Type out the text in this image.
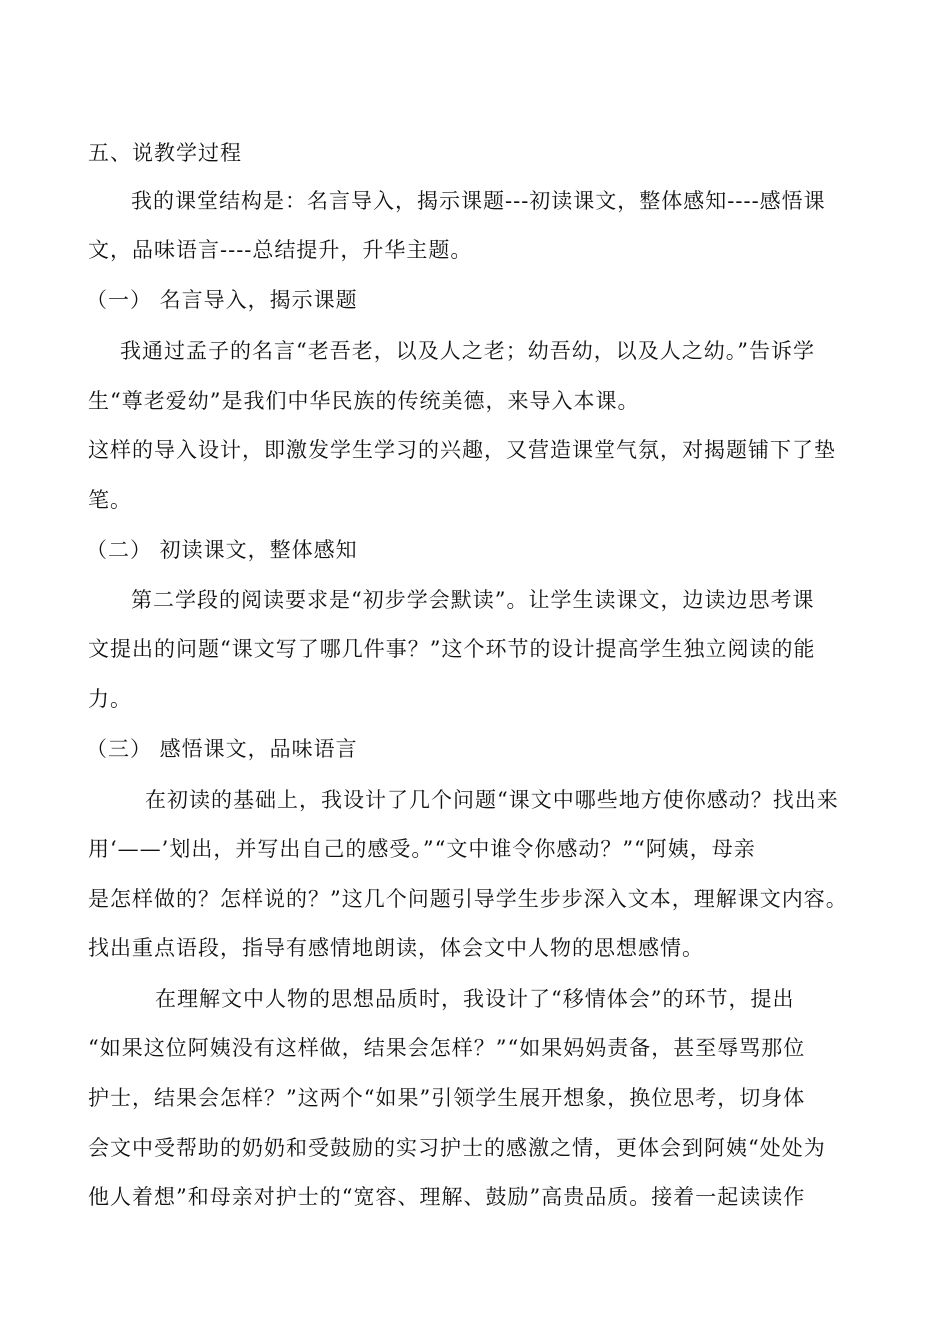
五、说教学过程
我的课堂结构是：名言导入，揭示课题---初读课文，整体感知----感悟课
文，品味语言----总结提升，升华主题。
（一） 名言导入，揭示课题
我通过孟子的名言“老吾老，以及人之老；幼吾幼，以及人之幼。”告诉学
生“尊老爱幼”是我们中华民族的传统美德，来导入本课。
这样的导入设计，即激发学生学习的兴趣，又营造课堂气氛，对揭题铺下了垫
笔。
（二） 初读课文，整体感知
第二学段的阅读要求是“初步学会默读”。让学生读课文，边读边思考课
文提出的问题“课文写了哪几件事？”这个环节的设计提高学生独立阅读的能
力。
（三） 感悟课文，品味语言
在初读的基础上，我设计了几个问题“课文中哪些地方使你感动？找出来
用‘——’划出，并写出自己的感受。”“文中谁令你感动？”“阿姨，母亲
是怎样做的？怎样说的？”这几个问题引导学生步步深入文本，理解课文内容。
找出重点语段，指导有感情地朗读，体会文中人物的思想感情。
在理解文中人物的思想品质时，我设计了“移情体会”的环节，提出
“如果这位阿姨没有这样做，结果会怎样？”“如果妈妈责备，甚至辱骂那位
护士，结果会怎样？”这两个“如果”引领学生展开想象，换位思考，切身体
会文中受帮助的奶奶和受鼓励的实习护士的感激之情，更体会到阿姨“处处为
他人着想”和母亲对护士的“宽容、理解、鼓励”高贵品质。接着一起读读作
